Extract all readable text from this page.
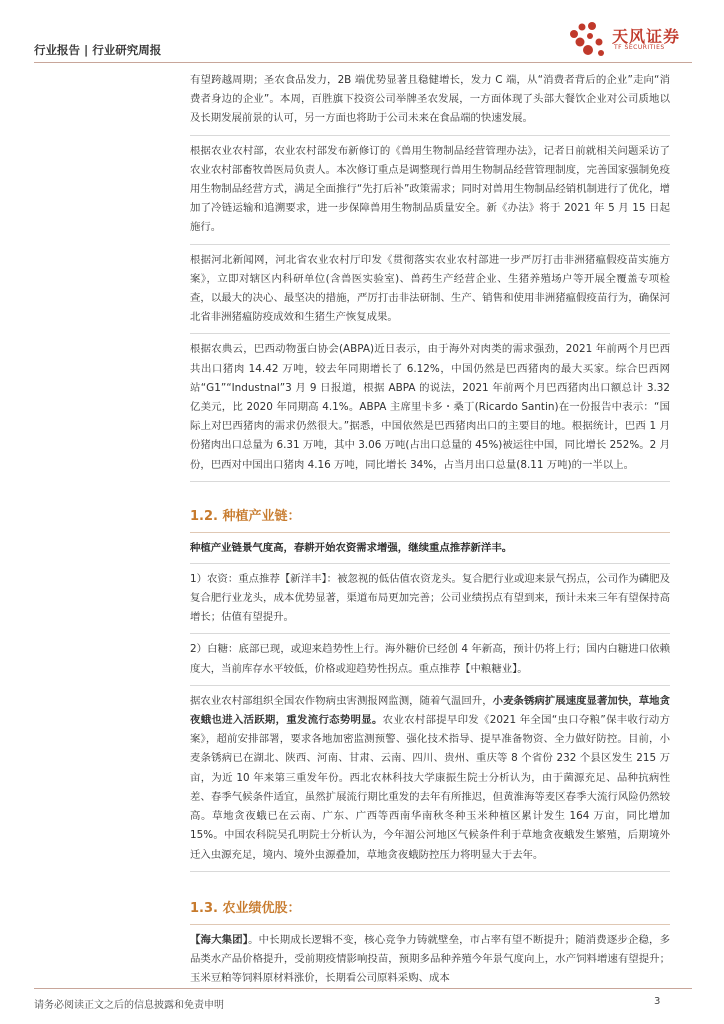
行业报告 | 行业研究周报
天风证券
TF SECURITIES

有望跨越周期；圣农食品发力，2B 端优势显著且稳健增长，发力 C 端，从“消费者背后的企业”走向“消费者身边的企业”。本周，百胜旗下投资公司举牌圣农发展，一方面体现了头部大餐饮企业对公司质地以及长期发展前景的认可，另一方面也将助于公司未来在食品端的快速发展。

根据农业农村部，农业农村部发布新修订的《兽用生物制品经营管理办法》，记者日前就相关问题采访了农业农村部畜牧兽医局负责人。本次修订重点是调整现行兽用生物制品经营管理制度，完善国家强制免疫用生物制品经营方式，满足全面推行“先打后补”政策需求；同时对兽用生物制品经销机制进行了优化，增加了冷链运输和追溯要求，进一步保障兽用生物制品质量安全。新《办法》将于 2021 年 5 月 15 日起施行。

根据河北新闻网，河北省农业农村厅印发《贯彻落实农业农村部进一步严厉打击非洲猪瘟假疫苗实施方案》，立即对辖区内科研单位(含兽医实验室)、兽药生产经营企业、生猪养殖场户等开展全覆盖专项检查，以最大的决心、最坚决的措施，严厉打击非法研制、生产、销售和使用非洲猪瘟假疫苗行为，确保河北省非洲猪瘟防疫成效和生猪生产恢复成果。

根据农典云，巴西动物蛋白协会(ABPA)近日表示，由于海外对肉类的需求强劲，2021 年前两个月巴西共出口猪肉 14.42 万吨，较去年同期增长了 6.12%，中国仍然是巴西猪肉的最大买家。综合巴西网站“G1”“Industnal”3 月 9 日报道，根据 ABPA 的说法，2021 年前两个月巴西猪肉出口额总计 3.32 亿美元，比 2020 年同期高 4.1%。ABPA 主席里卡多・桑丁(Ricardo Santin)在一份报告中表示：“国际上对巴西猪肉的需求仍然很大。”据悉，中国依然是巴西猪肉出口的主要目的地。根据统计，巴西 1 月份猪肉出口总量为 6.31 万吨，其中 3.06 万吨(占出口总量的 45%)被运往中国，同比增长 252%。2 月份，巴西对中国出口猪肉 4.16 万吨，同比增长 34%，占当月出口总量(8.11 万吨)的一半以上。

1.2. 种植产业链：

种植产业链景气度高，春耕开始农资需求增强，继续重点推荐新洋丰。

1）农资：重点推荐【新洋丰】：被忽视的低估值农资龙头。复合肥行业或迎来景气拐点，公司作为磷肥及复合肥行业龙头，成本优势显著，渠道布局更加完善；公司业绩拐点有望到来，预计未来三年有望保持高增长；估值有望提升。

2）白糖：底部已现，或迎来趋势性上行。海外糖价已经创 4 年新高，预计仍将上行；国内白糖进口依赖度大，当前库存水平较低，价格或迎趋势性拐点。重点推荐【中粮糖业】。

据农业农村部组织全国农作物病虫害测报网监测，随着气温回升，小麦条锈病扩展速度显著加快，草地贪夜蛾也进入活跃期，重发流行态势明显。农业农村部提早印发《2021 年全国“虫口夺粮”保丰收行动方案》，超前安排部署，要求各地加密监测预警、强化技术指导、提早准备物资、全力做好防控。目前，小麦条锈病已在湖北、陕西、河南、甘肃、云南、四川、贵州、重庆等 8 个省份 232 个县区发生 215 万亩，为近 10 年来第三重发年份。西北农林科技大学康振生院士分析认为，由于菌源充足、品种抗病性差、春季气候条件适宜，虽然扩展流行期比重发的去年有所推迟，但黄淮海等麦区春季大流行风险仍然较高。草地贪夜蛾已在云南、广东、广西等西南华南秋冬种玉米种植区累计发生 164 万亩，同比增加 15%。中国农科院吴孔明院士分析认为，今年湄公河地区气候条件利于草地贪夜蛾发生繁殖，后期境外迁入虫源充足，境内、境外虫源叠加，草地贪夜蛾防控压力将明显大于去年。

1.3. 农业绩优股：

【海大集团】。中长期成长逻辑不变，核心竞争力铸就壁垒，市占率有望不断提升；随消费逐步企稳，多品类水产品价格提升，受前期疫情影响投苗，预期多品种养殖今年景气度向上，水产饲料增速有望提升；玉米豆粕等饲料原材料涨价，长期看公司原料采购、成本

请务必阅读正文之后的信息披露和免责申明	3
